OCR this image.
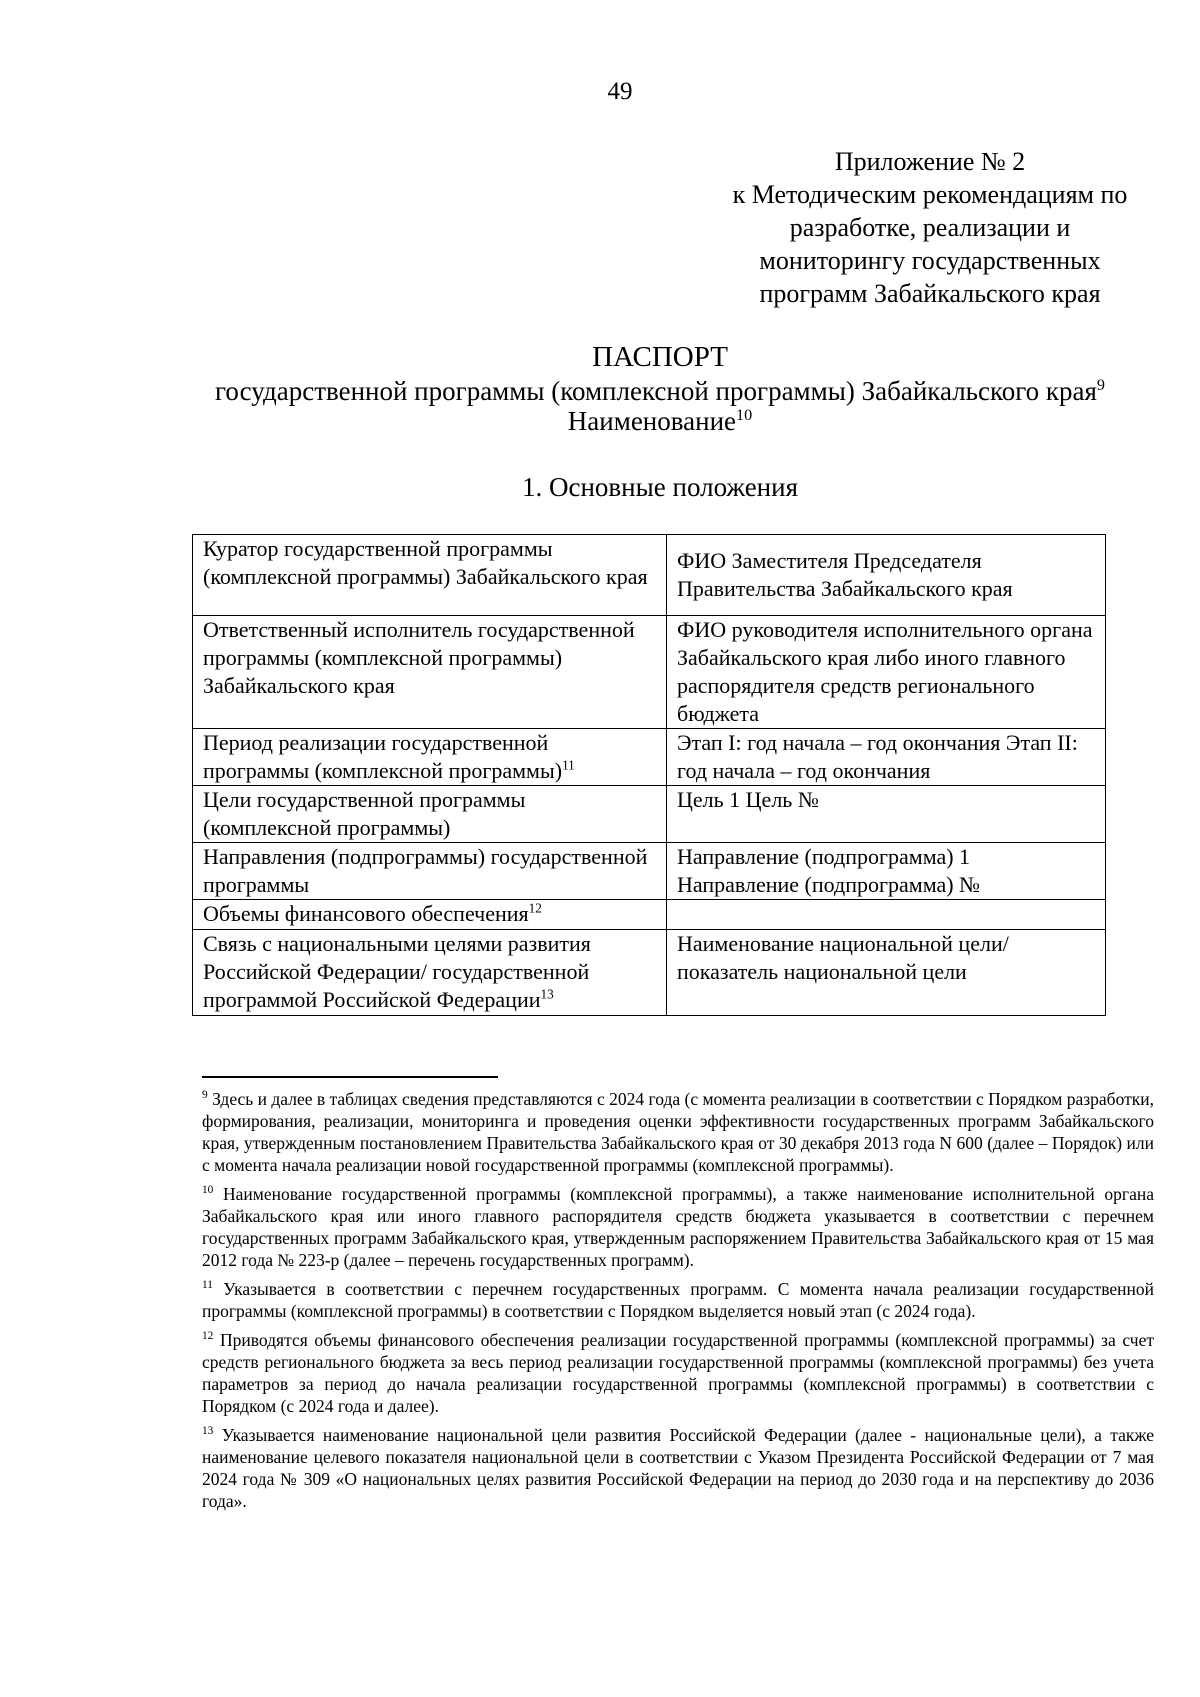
49
Приложение № 2
к Методическим рекомендациям по
разработке, реализации и
мониторингу государственных
программ Забайкальского края
ПАСПОРТ
государственной программы (комплексной программы) Забайкальского края$^9$
Наименование$^{10}$
1. Основные положения
Куратор государственной программы (комплексной программы) Забайкальского края	ФИО Заместителя Председателя Правительства Забайкальского края
Ответственный исполнитель государственной программы (комплексной программы) Забайкальского края	ФИО руководителя исполнительного органа Забайкальского края либо иного главного распорядителя средств регионального бюджета
Период реализации государственной программы (комплексной программы)$^{11}$	Этап I: год начала – год окончания Этап II: год начала – год окончания
Цели государственной программы (комплексной программы)	Цель 1 Цель №
Направления (подпрограммы) государственной программы	Направление (подпрограмма) 1 Направление (подпрограмма) №
Объемы финансового обеспечения$^{12}$	
Связь с национальными целями развития Российской Федерации/ государственной программой Российской Федерации$^{13}$	Наименование национальной цели/показатель национальной цели
$^9$ Здесь и далее в таблицах сведения представляются с 2024 года (с момента реализации в соответствии с Порядком разработки, формирования, реализации, мониторинга и проведения оценки эффективности государственных программ Забайкальского края, утвержденным постановлением Правительства Забайкальского края от 30 декабря 2013 года N 600 (далее – Порядок) или с момента начала реализации новой государственной программы (комплексной программы).
$^{10}$ Наименование государственной программы (комплексной программы), а также наименование исполнительной органа Забайкальского края или иного главного распорядителя средств бюджета указывается в соответствии с перечнем государственных программ Забайкальского края, утвержденным распоряжением Правительства Забайкальского края от 15 мая 2012 года № 223-р (далее – перечень государственных программ).
$^{11}$ Указывается в соответствии с перечнем государственных программ. С момента начала реализации государственной программы (комплексной программы) в соответствии с Порядком выделяется новый этап (с 2024 года).
$^{12}$ Приводятся объемы финансового обеспечения реализации государственной программы (комплексной программы) за счет средств регионального бюджета за весь период реализации государственной программы (комплексной программы) без учета параметров за период до начала реализации государственной программы (комплексной программы) в соответствии с Порядком (с 2024 года и далее).
$^{13}$ Указывается наименование национальной цели развития Российской Федерации (далее - национальные цели), а также наименование целевого показателя национальной цели в соответствии с Указом Президента Российской Федерации от 7 мая 2024 года № 309 «О национальных целях развития Российской Федерации на период до 2030 года и на перспективу до 2036 года».
